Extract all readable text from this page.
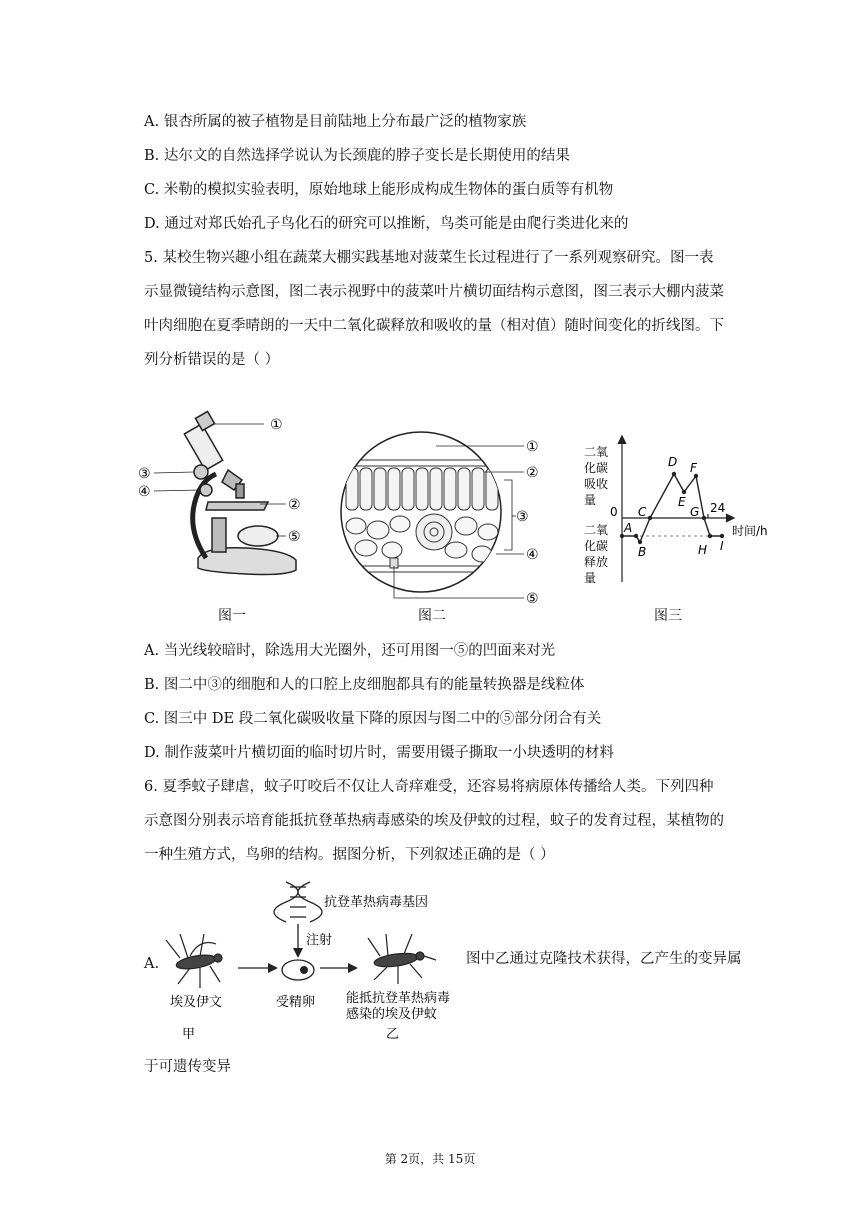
A. 银杏所属的被子植物是目前陆地上分布最广泛的植物家族
B. 达尔文的自然选择学说认为长颈鹿的脖子变长是长期使用的结果
C. 米勒的模拟实验表明，原始地球上能形成构成生物体的蛋白质等有机物
D. 通过对郑氏始孔子鸟化石的研究可以推断，鸟类可能是由爬行类进化来的
5. 某校生物兴趣小组在蔬菜大棚实践基地对菠菜生长过程进行了一系列观察研究。图一表
示显微镜结构示意图，图二表示视野中的菠菜叶片横切面结构示意图，图三表示大棚内菠菜
叶肉细胞在夏季晴朗的一天中二氧化碳释放和吸收的量（相对值）随时间变化的折线图。下
列分析错误的是（ ）
①
③
④
②
⑤
图一
①
②
③
④
⑤
图二
二 氧
化 碳
吸 收
量
二 氧
化 碳
释 放
量
0	24
时间/h
A
B
C
D
E
F
G
H I
图三
A. 当光线较暗时，除选用大光圈外，还可用图一⑤的凹面来对光
B. 图二中③的细胞和人的口腔上皮细胞都具有的能量转换器是线粒体
C. 图三中 DE 段二氧化碳吸收量下降的原因与图二中的⑤部分闭合有关
D. 制作菠菜叶片横切面的临时切片时，需要用镊子撕取一小块透明的材料
6. 夏季蚊子肆虐，蚊子叮咬后不仅让人奇痒难受，还容易将病原体传播给人类。下列四种
示意图分别表示培育能抵抗登革热病毒感染的埃及伊蚊的过程，蚊子的发育过程，某植物的
一种生殖方式，鸟卵的结构。据图分析，下列叙述正确的是（ ）
A.
抗登革热病毒基因
注射
埃及伊文	受精卵 能抵抗登革热病毒
感染的埃及伊蚊
甲	乙
图中乙通过克隆技术获得，乙产生的变异属
于可遗传变异
第 2页，共 15页
